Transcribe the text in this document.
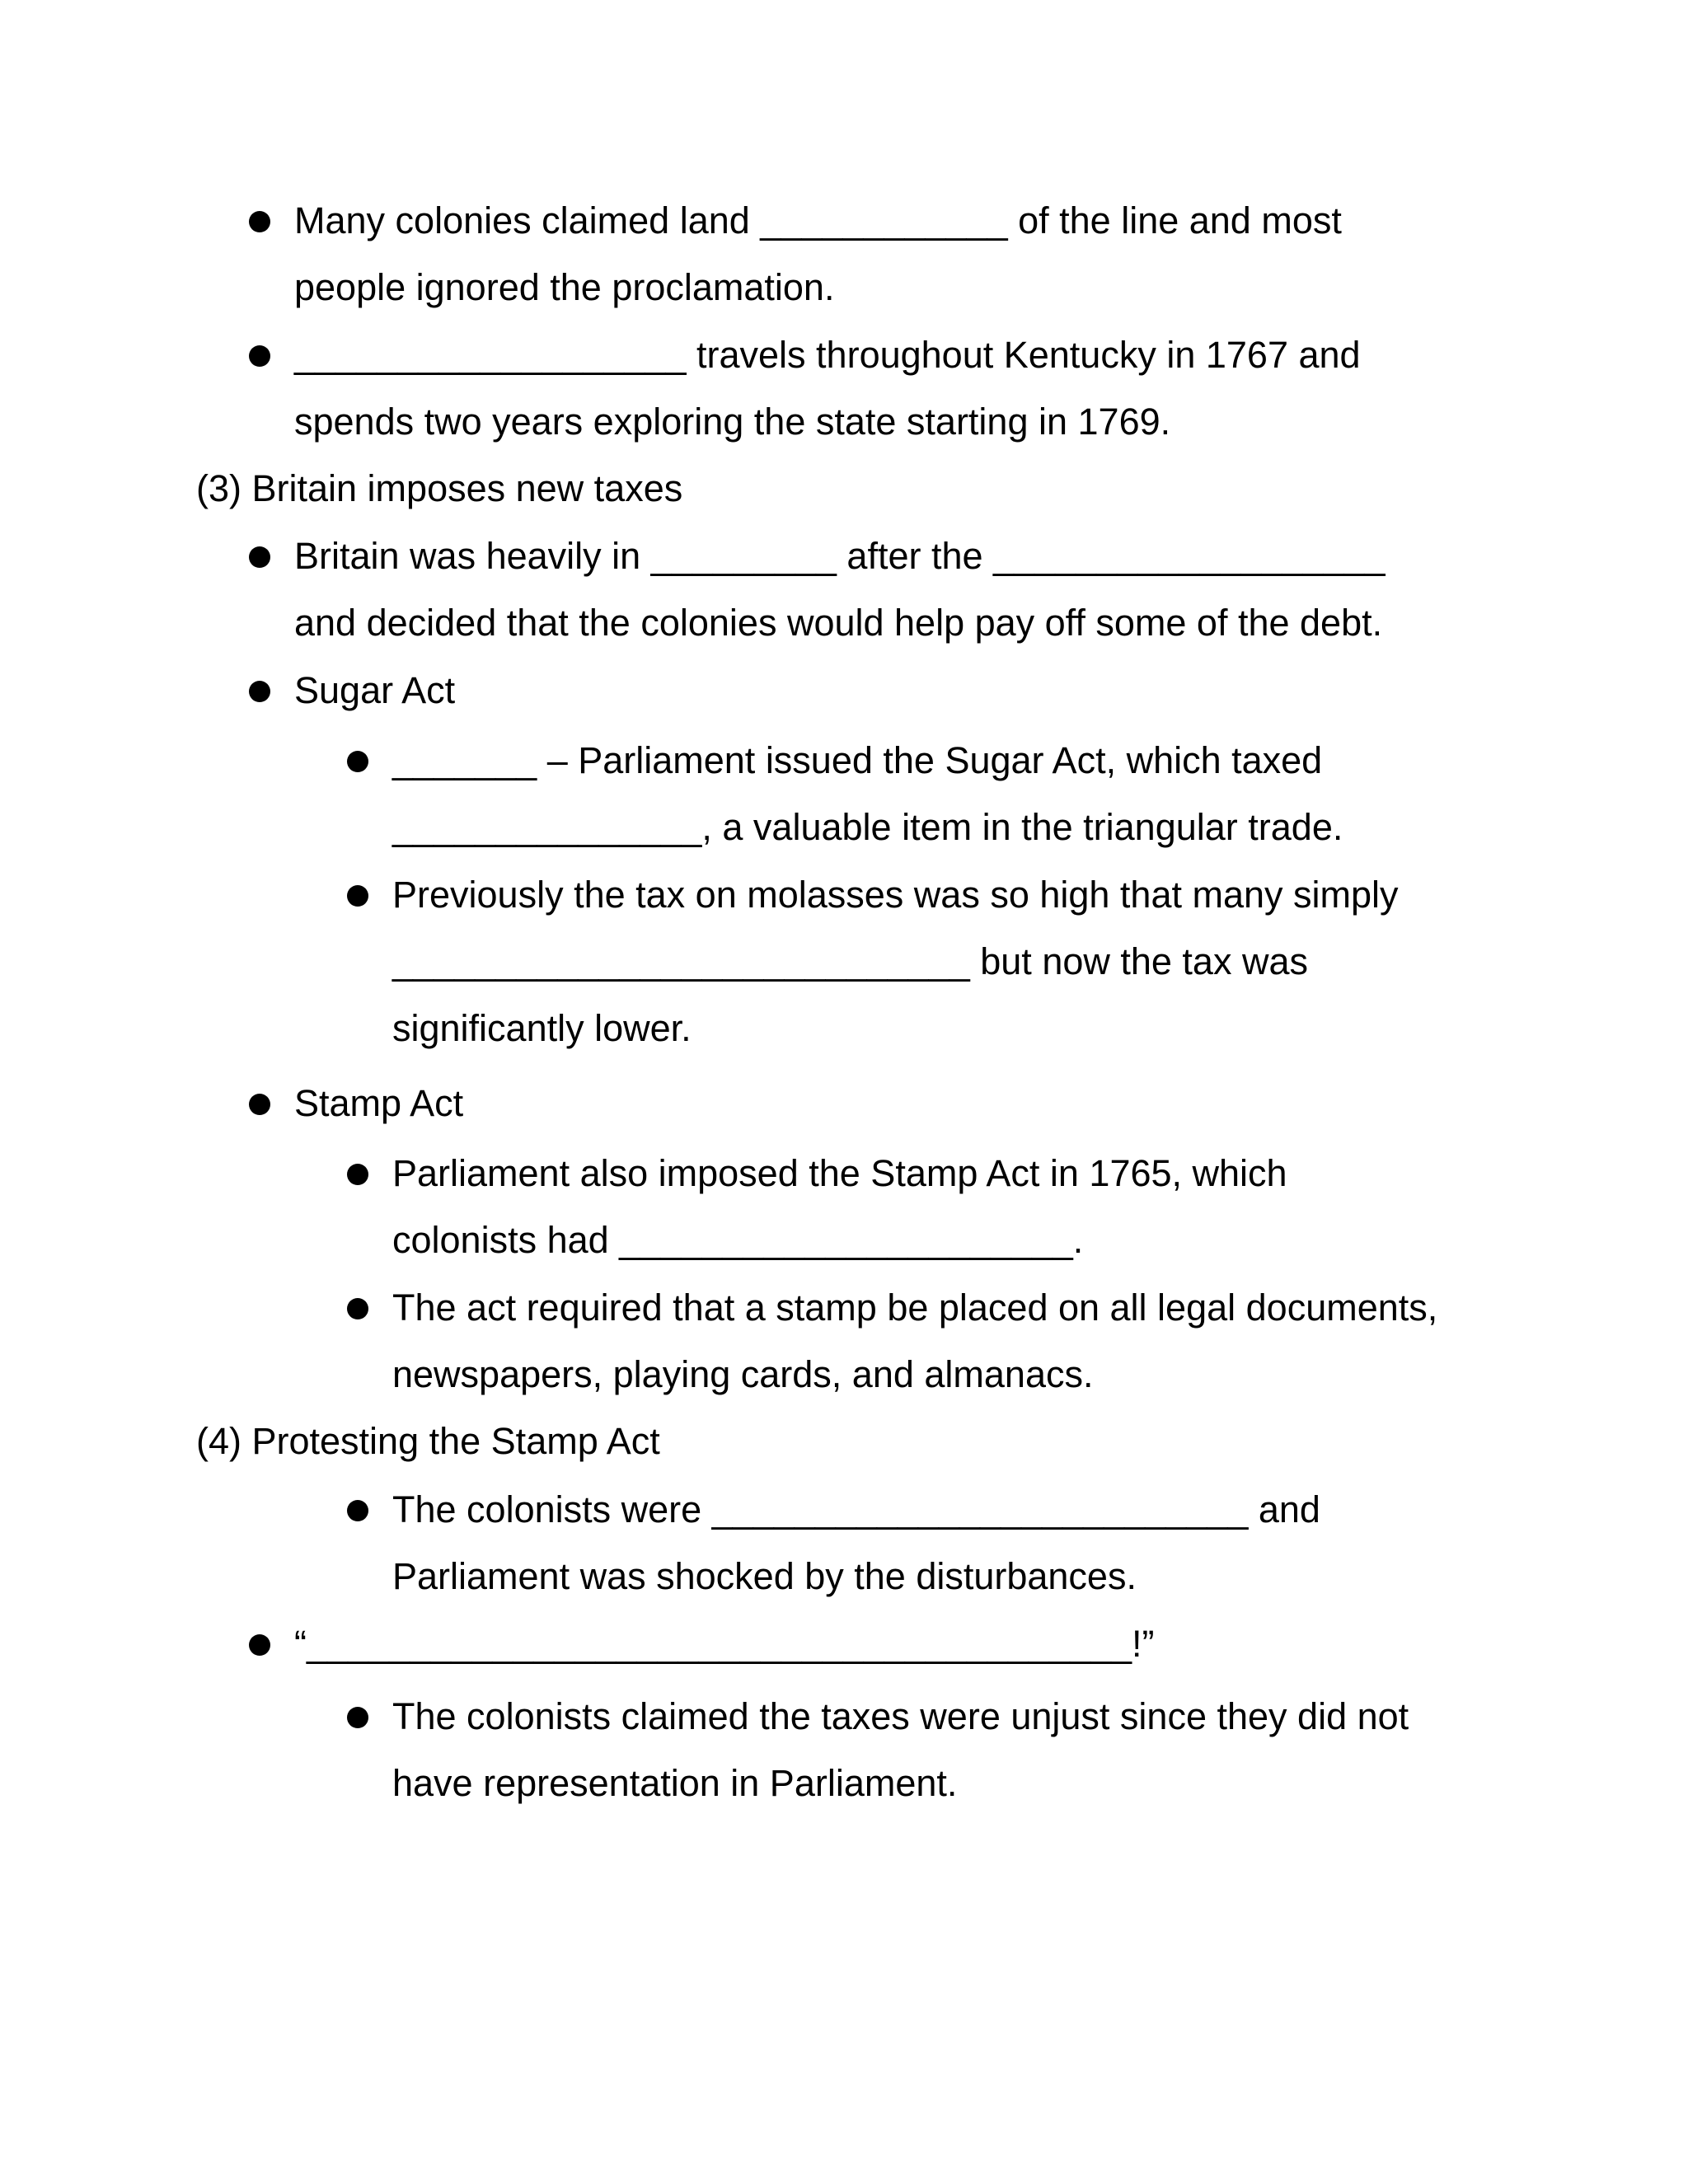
Many colonies claimed land ____________ of the line and most

people ignored the proclamation.

___________________ travels throughout Kentucky in 1767 and

spends two years exploring the state starting in 1769.

(3) Britain imposes new taxes

Britain was heavily in _________ after the ___________________

and decided that the colonies would help pay off some of the debt.

Sugar Act

_______ – Parliament issued the Sugar Act, which taxed

_______________, a valuable item in the triangular trade.

Previously the tax on molasses was so high that many simply

____________________________ but now the tax was

significantly lower.

Stamp Act

Parliament also imposed the Stamp Act in 1765, which

colonists had ______________________.

The act required that a stamp be placed on all legal documents,

newspapers, playing cards, and almanacs.

(4) Protesting the Stamp Act

The colonists were __________________________ and

Parliament was shocked by the disturbances.

“________________________________________!”

The colonists claimed the taxes were unjust since they did not

have representation in Parliament.
